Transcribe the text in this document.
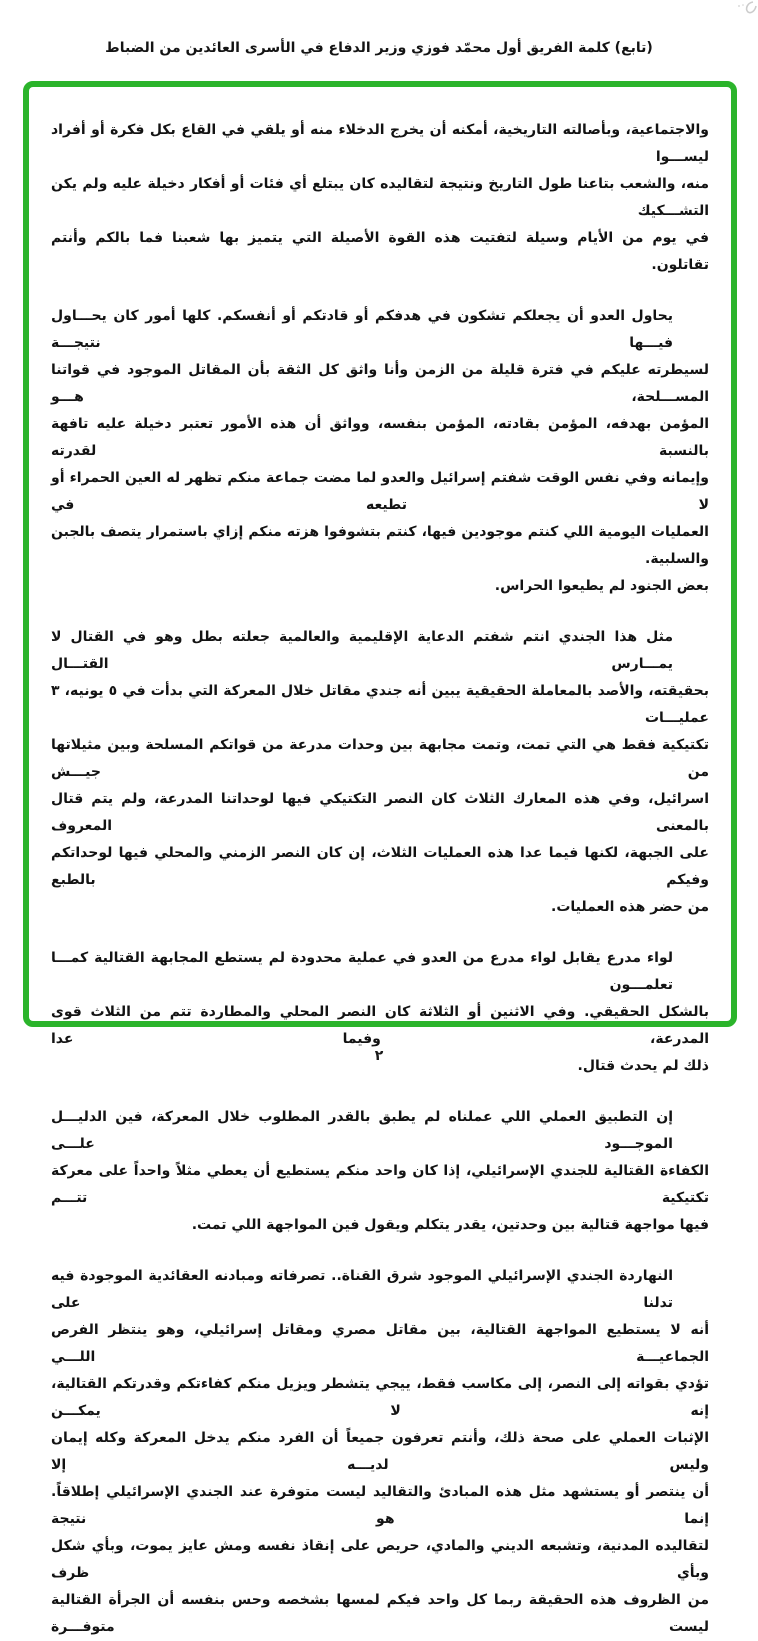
(تابع) كلمة الفريق أول محمّد فوزي وزير الدفاع في الأسرى العائدين من الضباط

والاجتماعية، وبأصالته التاريخية، أمكنه أن يخرج الدخلاء منه أو يلقي في القاع بكل فكرة أو أفراد ليســـوا
منه، والشعب بتاعنا طول التاريخ ونتيجة لتقاليده كان يبتلع أي فئات أو أفكار دخيلة عليه ولم يكن التشـــكيك
في يوم من الأيام وسيلة لتفتيت هذه القوة الأصيلة التي يتميز بها شعبنا فما بالكم وأنتم تقاتلون.

يحاول العدو أن يجعلكم تشكون في هدفكم أو قادتكم أو أنفسكم. كلها أمور كان يحـــاول فيـــها نتيجـــة
لسيطرته عليكم في فترة قليلة من الزمن وأنا واثق كل الثقة بأن المقاتل الموجود في قواتنا المســـلحة، هـــو
المؤمن بهدفه، المؤمن بقادته، المؤمن بنفسه، وواثق أن هذه الأمور تعتبر دخيلة عليه تافهة بالنسبة لقدرته
وإيمانه وفي نفس الوقت شفتم إسرائيل والعدو لما مضت جماعة منكم تظهر له العين الحمراء أو لا تطيعه في
العمليات اليومية اللي كنتم موجودين فيها، كنتم بتشوفوا هزته منكم إزاي باستمرار يتصف بالجبن والسلبية.
بعض الجنود لم يطيعوا الحراس.

مثل هذا الجندي انتم شفتم الدعاية الإقليمية والعالمية جعلته بطل وهو في القتال لا يمـــارس القتـــال
بحقيقته، والأصد بالمعاملة الحقيقية يبين أنه جندي مقاتل خلال المعركة التي بدأت في ٥ يونيه، ٣ عمليـــات
تكتيكية فقط هي التي تمت، وتمت مجابهة بين وحدات مدرعة من قواتكم المسلحة وبين مثيلاتها من جيـــش
اسرائيل، وفي هذه المعارك الثلاث كان النصر التكتيكي فيها لوحداتنا المدرعة، ولم يتم قتال بالمعنى المعروف
على الجبهة، لكنها فيما عدا هذه العمليات الثلاث، إن كان النصر الزمني والمحلي فيها لوحداتكم وفيكم بالطبع
من حضر هذه العمليات.

لواء مدرع يقابل لواء مدرع من العدو في عملية محدودة لم يستطع المجابهة القتالية كمـــا تعلمـــون
بالشكل الحقيقي. وفي الاثنين أو الثلاثة كان النصر المحلي والمطاردة تتم من الثلاث قوى المدرعة، وفيما عدا
ذلك لم يحدث قتال.

إن التطبيق العملي اللي عملناه لم يطبق بالقدر المطلوب خلال المعركة، فين الدليـــل الموجـــود علـــى
الكفاءة القتالية للجندي الإسرائيلي، إذا كان واحد منكم يستطيع أن يعطي مثلاً واحداً على معركة تكتيكية تتـــم
فيها مواجهة قتالية بين وحدتين، يقدر يتكلم ويقول فين المواجهة اللي تمت.

النهاردة الجندي الإسرائيلي الموجود شرق القناة.. تصرفاته ومبادنه العقائدية الموجودة فيه تدلنا على
أنه لا يستطيع المواجهة القتالية، بين مقاتل مصري ومقاتل إسرائيلي، وهو ينتظر الفرص الجماعيـــة اللـــي
تؤدي بقواته إلى النصر، إلى مكاسب فقط، ييجي يتشطر ويزيل منكم كفاءتكم وقدرتكم القتالية، إنه لا يمكـــن
الإثبات العملي على صحة ذلك، وأنتم تعرفون جميعاً أن الفرد منكم يدخل المعركة وكله إيمان وليس لديـــه إلا
أن ينتصر أو يستشهد مثل هذه المبادئ والتقاليد ليست متوفرة عند الجندي الإسرائيلي إطلاقاً. إنما هو نتيجة
لتقاليده المدنية، وتشبعه الديني والمادي، حريص على إنقاذ نفسه ومش عايز يموت، وبأي شكل وبأي ظرف
من الظروف هذه الحقيقة ربما كل واحد فيكم لمسها بشخصه وحس بنفسه أن الجرأة القتالية ليست متوفـــرة

٢
